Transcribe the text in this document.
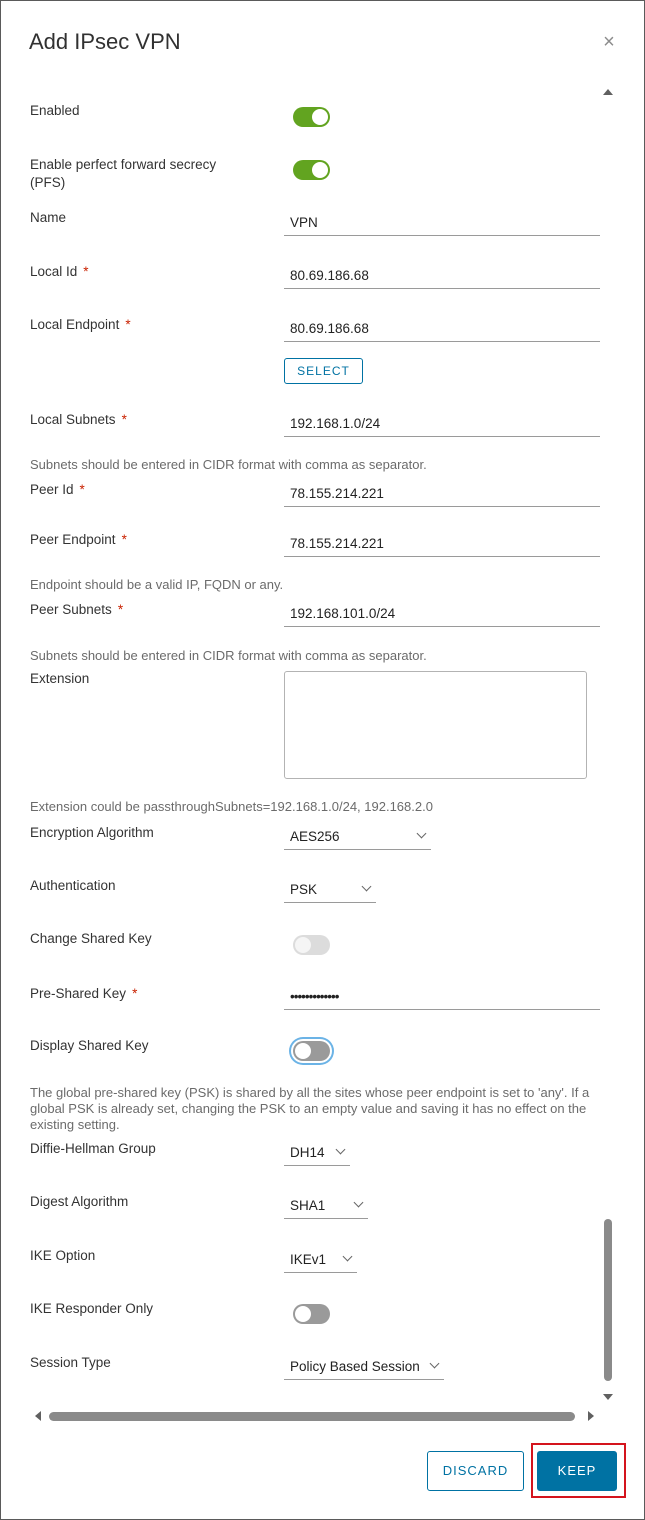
Add IPsec VPN	×
Enabled
Enable perfect forward secrecy (PFS)
Name	VPN
Local Id *	80.69.186.68
Local Endpoint *	80.69.186.68
SELECT
Local Subnets *	192.168.1.0/24
Subnets should be entered in CIDR format with comma as separator.
Peer Id *	78.155.214.221
Peer Endpoint *	78.155.214.221
Endpoint should be a valid IP, FQDN or any.
Peer Subnets *	192.168.101.0/24
Subnets should be entered in CIDR format with comma as separator.
Extension
Extension could be passthroughSubnets=192.168.1.0/24, 192.168.2.0
Encryption Algorithm	AES256
Authentication	PSK
Change Shared Key
Pre-Shared Key *	•••••••••••••
Display Shared Key
The global pre-shared key (PSK) is shared by all the sites whose peer endpoint is set to 'any'. If a global PSK is already set, changing the PSK to an empty value and saving it has no effect on the existing setting.
Diffie-Hellman Group	DH14
Digest Algorithm	SHA1
IKE Option	IKEv1
IKE Responder Only
Session Type	Policy Based Session
DISCARD	KEEP
